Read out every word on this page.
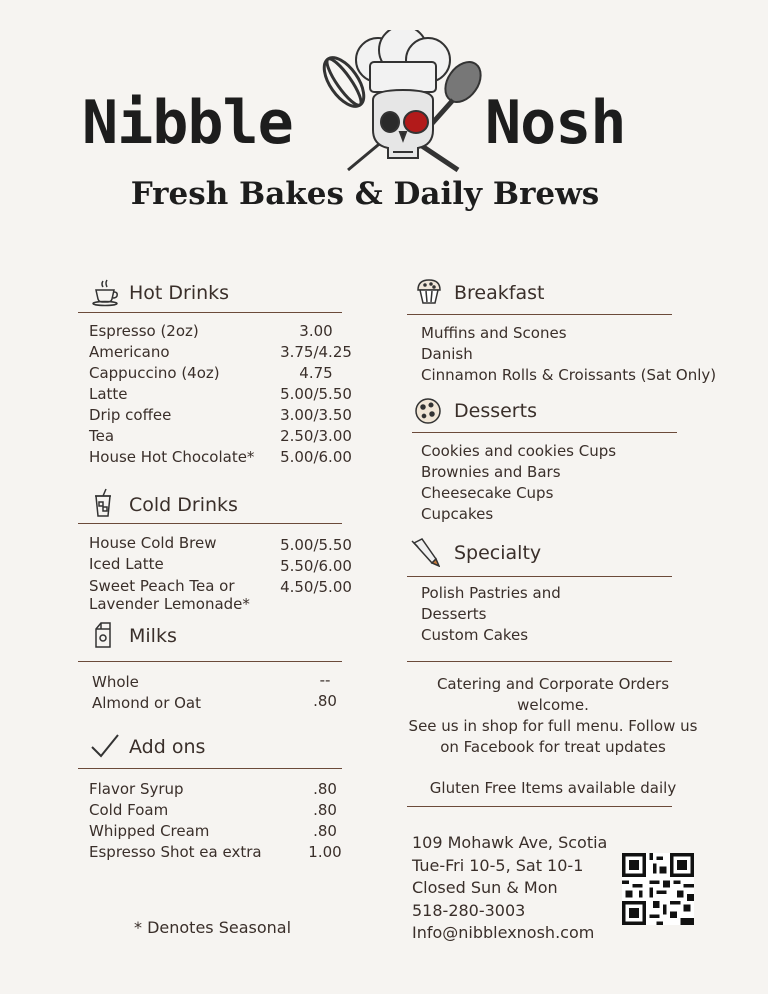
Nibble	Nosh
Fresh Bakes & Daily Brews
Hot Drinks
Espresso (2oz)
Americano
Cappuccino (4oz)
Latte
Drip coffee
Tea
House Hot Chocolate*
3.00
3.75/4.25
4.75
5.00/5.50
3.00/3.50
2.50/3.00
5.00/6.00
Cold Drinks
House Cold Brew
Iced Latte
Sweet Peach Tea or
Lavender Lemonade*
5.00/5.50
5.50/6.00
4.50/5.00
Milks
Whole
Almond or Oat
--
.80
Add ons
Flavor Syrup
Cold Foam
Whipped Cream
Espresso Shot ea extra
.80
.80
.80
1.00
* Denotes Seasonal
Breakfast
Muffins and Scones
Danish
Cinnamon Rolls & Croissants (Sat Only)
Desserts
Cookies and cookies Cups
Brownies and Bars
Cheesecake Cups
Cupcakes
Specialty
Polish Pastries and
Desserts
Custom Cakes
Catering and Corporate Orders
welcome.
See us in shop for full menu. Follow us
on Facebook for treat updates
Gluten Free Items available daily
109 Mohawk Ave, Scotia
Tue-Fri 10-5, Sat 10-1
Closed Sun & Mon
518-280-3003
Info@nibblexnosh.com
